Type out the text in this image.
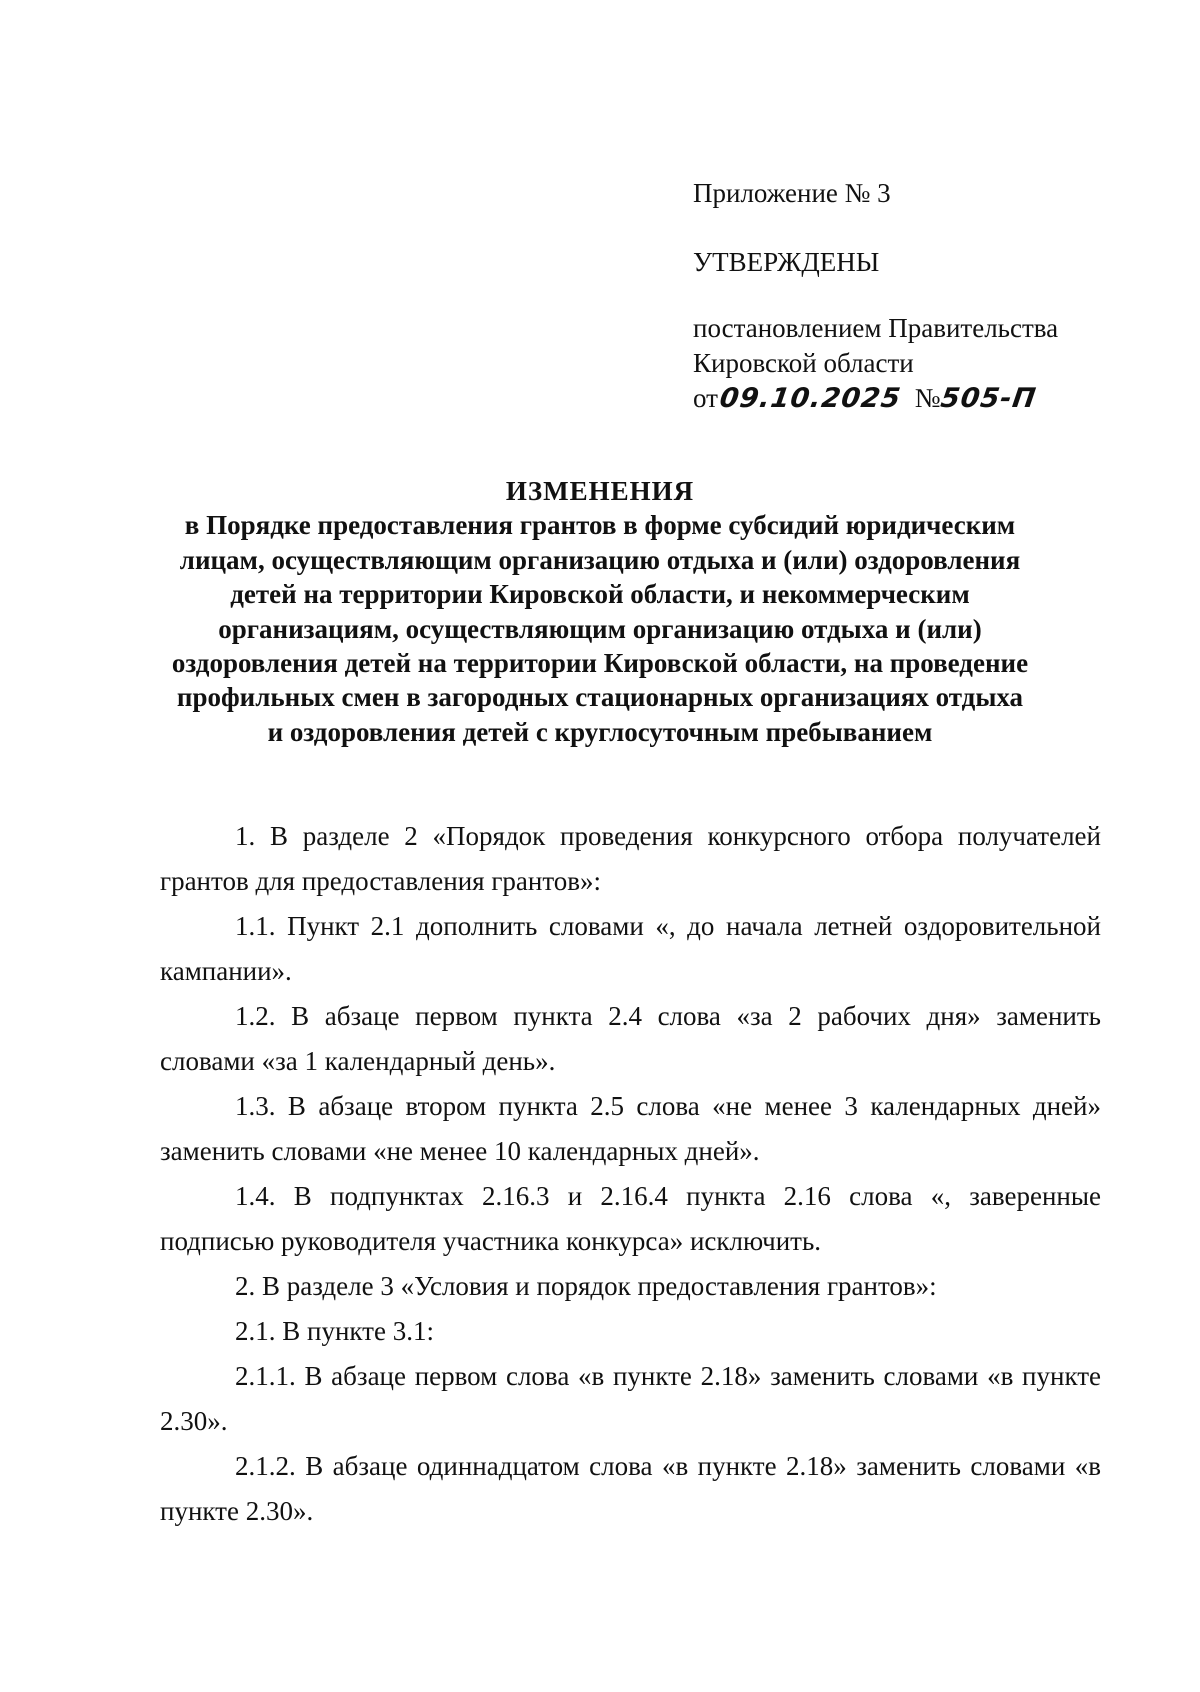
Приложение № 3
УТВЕРЖДЕНЫ
постановлением Правительства
Кировской области
от09.10.2025 №505-П
ИЗМЕНЕНИЯ
в Порядке предоставления грантов в форме субсидий юридическим
лицам, осуществляющим организацию отдыха и (или) оздоровления
детей на территории Кировской области, и некоммерческим
организациям, осуществляющим организацию отдыха и (или)
оздоровления детей на территории Кировской области, на проведение
профильных смен в загородных стационарных организациях отдыха
и оздоровления детей с круглосуточным пребыванием

1. В разделе 2 «Порядок проведения конкурсного отбора получателей грантов для предоставления грантов»:

1.1. Пункт 2.1 дополнить словами «, до начала летней оздоровительной кампании».

1.2. В абзаце первом пункта 2.4 слова «за 2 рабочих дня» заменить словами «за 1 календарный день».

1.3. В абзаце втором пункта 2.5 слова «не менее 3 календарных дней» заменить словами «не менее 10 календарных дней».

1.4. В подпунктах 2.16.3 и 2.16.4 пункта 2.16 слова «, заверенные подписью руководителя участника конкурса» исключить.

2. В разделе 3 «Условия и порядок предоставления грантов»:

2.1. В пункте 3.1:

2.1.1. В абзаце первом слова «в пункте 2.18» заменить словами «в пункте 2.30».

2.1.2. В абзаце одиннадцатом слова «в пункте 2.18» заменить словами «в пункте 2.30».
